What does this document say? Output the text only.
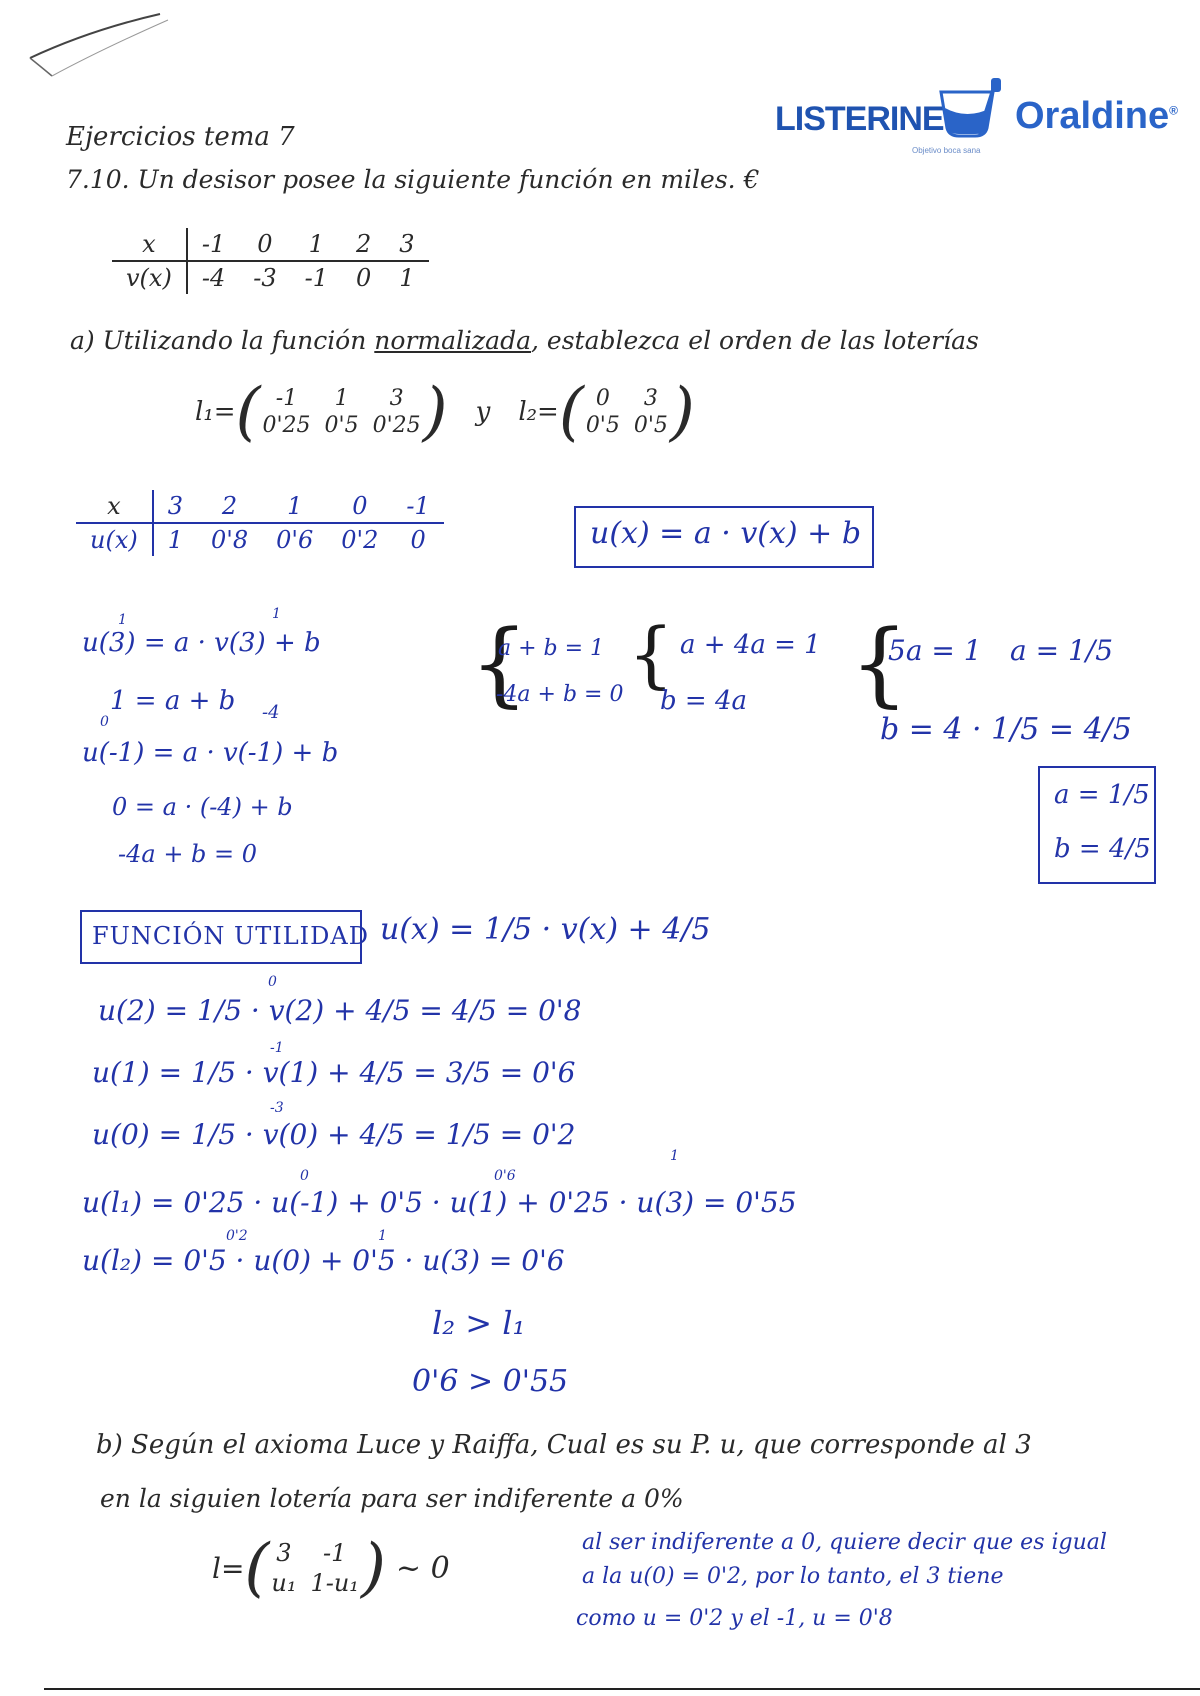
LISTERINE Oraldine®
Objetivo boca sana
Ejercicios tema 7
7.10. Un desisor posee la siguiente función en miles. €
x	-1	0	1	2	3
v(x)	-4	-3	-1	0	1
a) Utilizando la función normalizada, establezca el orden de las loterías
l₁= ( -1	1	3
0'25 0'5 0'25 ) y l₂= ( 0	3
0'5 0'5 )
x	3	2	1	0	-1
u(x)	1	0'8	0'6	0'2	0	u(x) = a · v(x) + b
u(3) = a · v(3) + b
1	1
1 = a + b
0	-4
u(-1) = a · v(-1) + b
0 = a · (-4) + b
-4a + b = 0
{
a + b = 1
-4a + b = 0 { a + 4a = 1
b = 4a {
5a = 1 a = 1/5
b = 4 · 1/5 = 4/5
a = 1/5
b = 4/5
FUNCIÓN UTILIDAD u(x) = 1/5 · v(x) + 4/5
0
u(2) = 1/5 · v(2) + 4/5 = 4/5 = 0'8
-1
u(1) = 1/5 · v(1) + 4/5 = 3/5 = 0'6
-3
u(0) = 1/5 · v(0) + 4/5 = 1/5 = 0'2
1
0	0'6
u(l₁) = 0'25 · u(-1) + 0'5 · u(1) + 0'25 · u(3) = 0'55
0'2	1
u(l₂) = 0'5 · u(0) + 0'5 · u(3) = 0'6
l₂ > l₁
0'6 > 0'55
b) Según el axioma Luce y Raiffa, Cual es su P. u, que corresponde al 3
en la siguien lotería para ser indiferente a 0%
l= ( 3	-1
u₁ 1-u₁ ) ~ 0
al ser indiferente a 0, quiere decir que es igual
a la u(0) = 0'2, por lo tanto, el 3 tiene
como u = 0'2 y el -1, u = 0'8
